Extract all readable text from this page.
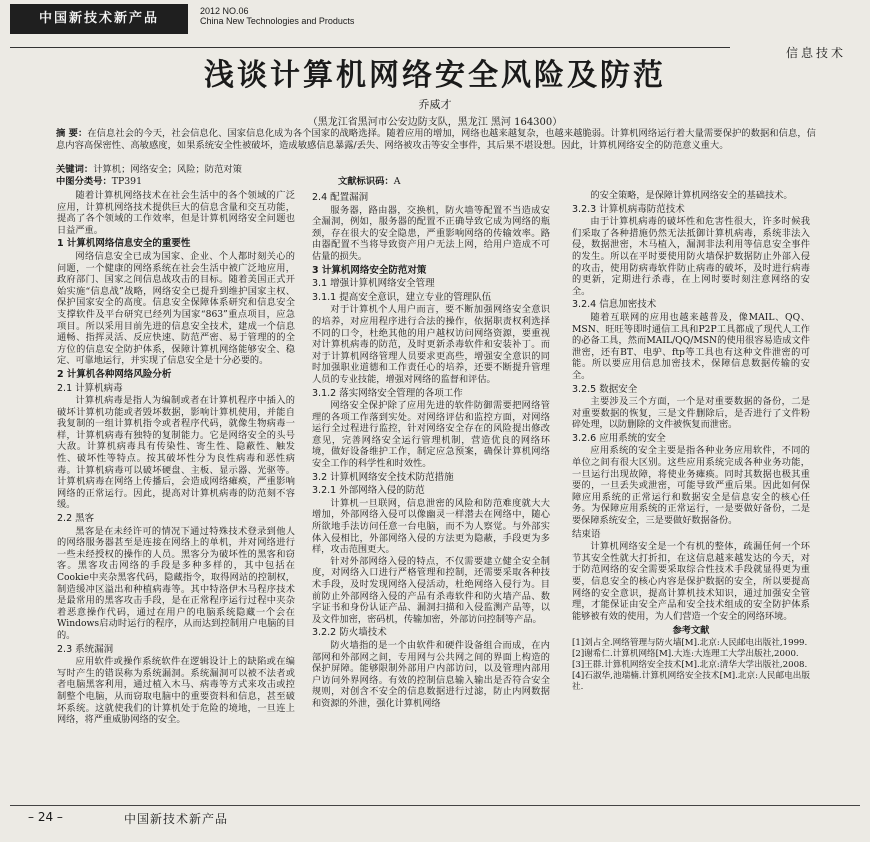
中国新技术新产品	2012 NO.06
China New Technologies and Products
信息技术
浅谈计算机网络安全风险及防范
乔威才
（黑龙江省黑河市公安边防支队，黑龙江 黑河 164300）
摘 要：在信息社会的今天，社会信息化、国家信息化成为各个国家的战略选择。随着应用的增加，网络也越来越复杂，也越来越脆弱。计算机网络运行着大量需要保护的数据和信息，信息内容高保密性、高敏感度，如果系统安全性被破坏，造成敏感信息暴露/丢失、网络被攻击等安全事件，其后果不堪设想。因此，计算机网络安全的防范意义重大。
关键词：计算机；网络安全；风险；防范对策
中图分类号：TP391	文献标识码：A

随着计算机网络技术在社会生活中的各个领域的广泛应用，计算机网络技术提供巨大的信息含量和交互功能，提高了各个领域的工作效率，但是计算机网络安全问题也日益严重。

1 计算机网络信息安全的重要性

网络信息安全已成为国家、企业、个人都时刻关心的问题，一个健康的网络系统在社会生活中被广泛地应用，政府部门、国家之间信息战攻击的目标。随着美国正式开始实施“信息战”战略，网络安全已提升到维护国家主权、保护国家安全的高度。信息安全保障体系研究和信息安全支撑软件及平台研究已经列为国家“863”重点项目，应急项目。所以采用目前先进的信息安全技术，建成一个信息通畅、指挥灵活、反应快速、防范严密、易于管理的的全方位的信息安全防护体系，保障计算机网络能够安全、稳定、可靠地运行，并实现了信息安全是十分必要的。

2 计算机各种网络风险分析
2.1 计算机病毒

计算机病毒是指人为编制或者在计算机程序中插入的破坏计算机功能或者毁坏数据，影响计算机使用，并能自我复制的一组计算机指令或者程序代码，就像生物病毒一样，计算机病毒有独特的复制能力。它是网络安全的头号大敌。计算机病毒具有传染性、寄生性、隐蔽性、触发性、破坏性等特点。按其破坏性分为良性病毒和恶性病毒。计算机病毒可以破坏硬盘、主板、显示器、光驱等。计算机病毒在网络上传播后，会造成网络瘫痪，严重影响网络的正常运行。因此，提高对计算机病毒的防范刻不容缓。

2.2 黑客

黑客是在未经许可的情况下通过特殊技术登录到他人的网络服务器甚至是连接在网络上的单机，并对网络进行一些未经授权的操作的人员。黑客分为破坏性的黑客和窃客。黑客攻击网络的手段是多种多样的，其中包括在Cookie中夹杂黑客代码，隐藏指令，取得网站的控制权，制造缓冲区溢出和种植病毒等。其中特洛伊木马程序技术是最常用的黑客攻击手段，是在正常程序运行过程中夹杂着恶意操作代码，通过在用户的电脑系统隐藏一个会在Windows启动时运行的程序，从而达到控制用户电脑的目的。

2.3 系统漏洞

应用软件或操作系统软件在逻辑设计上的缺陷或在编写时产生的错误称为系统漏洞。系统漏洞可以被不法者或者电脑黑客利用，通过植入木马、病毒等方式来攻击或控制整个电脑，从而窃取电脑中的重要资料和信息，甚至破坏系统。这就使我们的计算机处于危险的境地，一旦连上网络，将严重威胁网络的安全。

2.4 配置漏洞

服务器，路由器，交换机，防火墙等配置不当造成安全漏洞，例如，服务器的配置不正确导致它成为网络的瓶颈，存在很大的安全隐患，严重影响网络的传输效率。路由器配置不当将导致资产用户无法上网，给用户造成不可估量的损失。

3 计算机网络安全防范对策
3.1 增强计算机网络安全管理
3.1.1 提高安全意识，建立专业的管理队伍

对于计算机个人用户而言，要不断加强网络安全意识的培养，对应用程序进行合法的操作，依据职责权利选择不同的口令，杜绝其他的用户越权访问网络资源，要重视对计算机病毒的防范，及时更新杀毒软件和安装补丁。而对于计算机网络管理人员要求更高些，增强安全意识的同时加强职业道德和工作责任心的培养，还要不断提升管理人员的专业技能，增强对网络的监督和评估。

3.1.2 落实网络安全管理的各项工作

网络安全保护除了应用先进的软件防御需要把网络管理的各项工作落到实处。对网络评估和监控方面，对网络运行全过程进行监控，针对网络安全存在的风险提出修改意见，完善网络安全运行管理机制，营造优良的网络环境，做好设备维护工作，制定应急预案，确保计算机网络安全工作的科学性和时效性。

3.2 计算机网络安全技术防范措施
3.2.1 外部网络入侵的防范

计算机一旦联网，信息泄密的风险和防范难度就大大增加，外部网络入侵可以像幽灵一样潜去在网络中，随心所欲地手法访问任意一台电脑，而不为人察觉。与外部实体入侵相比，外部网络入侵的方法更为隐蔽，手段更为多样，攻击范围更大。

针对外部网络入侵的特点，不仅需要建立健全安全制度，对网络入口进行严格管理和控制，还需要采取各种技术手段，及时发现网络入侵活动，杜绝网络入侵行为。目前防止外部网络入侵的产品有杀毒软件和防火墙产品、数字证书和身份认证产品、漏洞扫描和入侵监测产品等，以及文件加密，密码机，传输加密，外部访问控制等产品。

3.2.2 防火墙技术

防火墙指的是一个由软件和硬件设备组合而成，在内部网和外部网之间，专用网与公共网之间的界面上构造的保护屏障。能够限制外部用户内部访问，以及管理内部用户访问外界网络。有效的控制信息输入输出是否符合安全规则，对创含不安全的信息数据进行过滤，防止内网数据和资源的外泄，强化计算机网络

的安全策略，是保障计算机网络安全的基础技术。

3.2.3 计算机病毒防范技术

由于计算机病毒的破坏性和危害性很大，许多时候我们采取了各种措施仍然无法抵御计算机病毒，系统非法入侵，数据泄密，木马植入，漏洞非法利用等信息安全事件的发生。所以在平时要使用防火墙保护数据防止外部入侵的攻击，使用防病毒软件防止病毒的破坏，及时进行病毒的更新，定期进行杀毒，在上网时要时刻注意网络的安全。

3.2.4 信息加密技术

随着互联网的应用也越来越普及，像MAIL、QQ、MSN、旺旺等即时通信工具和P2P工具都成了现代人工作的必备工具，然而MAIL/QQ/MSN的使用很容易造成文件泄密，还有BT、电驴、ftp等工具也有这种文件泄密的可能。所以要应用信息加密技术，保障信息数据传输的安全。

3.2.5 数据安全

主要涉及三个方面，一个是对重要数据的备份，二是对重要数据的恢复，三是文件删除后，是否进行了文件粉碎处理，以防删除的文件被恢复而泄密。

3.2.6 应用系统的安全

应用系统的安全主要是指各种业务应用软件，不同的单位之间有很大区别。这些应用系统完成各种业务功能，一旦运行出现故障，将使业务瘫痪。同时其数据也极其重要的，一旦丢失或泄密，可能导致严重后果。因此如何保障应用系统的正常运行和数据安全是信息安全的核心任务。为保障应用系统的正常运行，一是要做好备份，二是要保障系统安全，三是要做好数据备份。

结束语

计算机网络安全是一个有机的整体，疏漏任何一个环节其安全性就大打折扣，在这信息越来越发达的今天，对于防范网络的安全需要采取综合性技术手段就显得更为重要，信息安全的核心内容是保护数据的安全，所以要提高网络的安全意识，提高计算机技术知识，通过加强安全管理，才能保证由安全产品和安全技术组成的安全防护体系能够被有效的使用，为人们营造一个安全的网络环境。

参考文献

[1]刘占全.网络管理与防火墙[M].北京:人民邮电出版社,1999.

[2]谢希仁.计算机网络[M].大连:大连理工大学出版社,2000.

[3]王群.计算机网络安全技术[M].北京:清华大学出版社,2008.

[4]石淑华,池瑞楠.计算机网络安全技术[M].北京:人民邮电出版社.

– 24 –	中国新技术新产品
